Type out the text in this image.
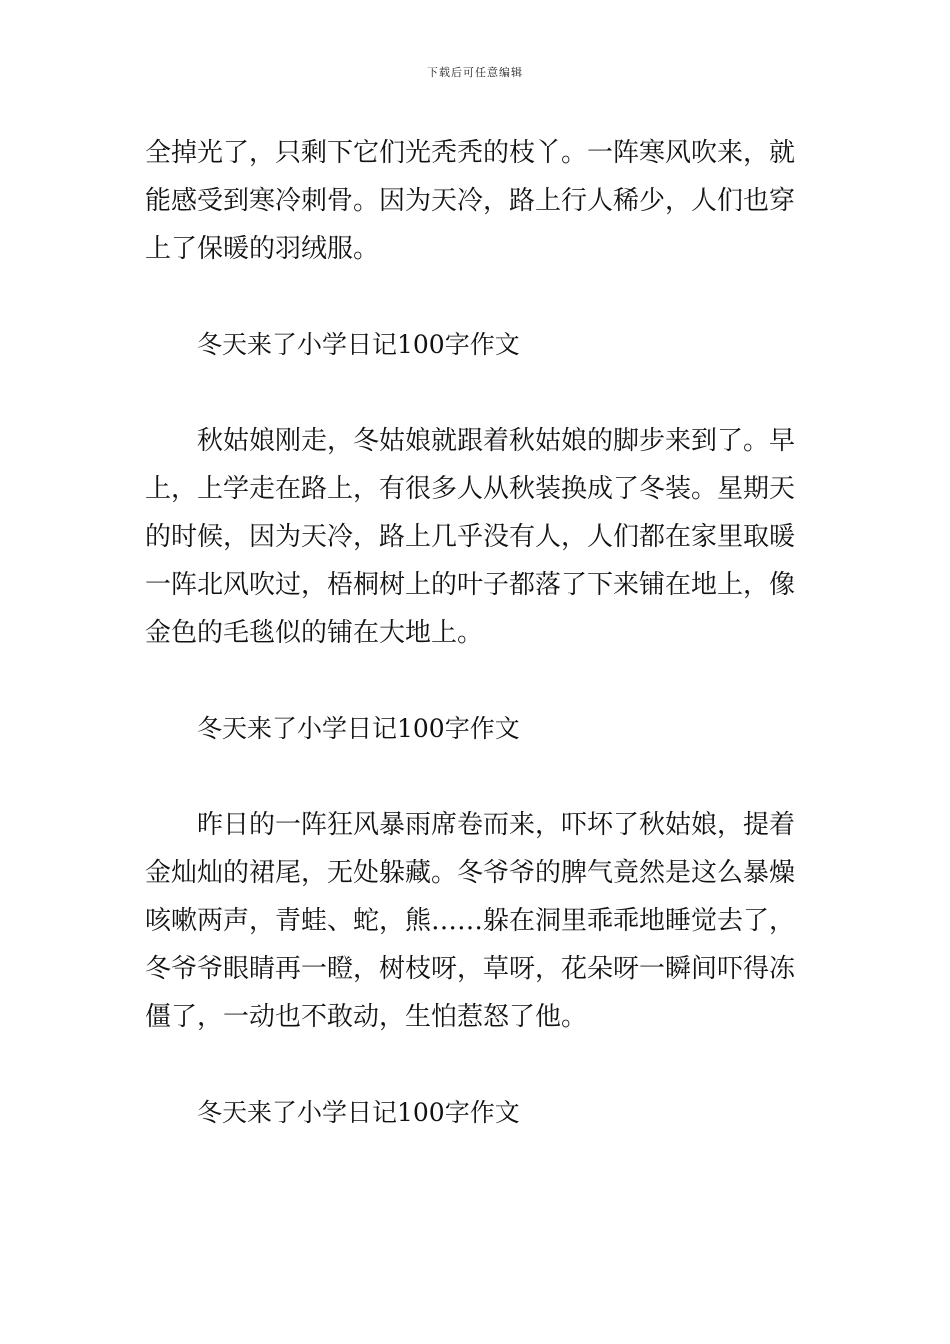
下载后可任意编辑

全掉光了，只剩下它们光秃秃的枝丫。一阵寒风吹来，就能感受到寒冷刺骨。因为天冷，路上行人稀少，人们也穿上了保暖的羽绒服。

冬天来了小学日记100字作文

秋姑娘刚走，冬姑娘就跟着秋姑娘的脚步来到了。早上，上学走在路上，有很多人从秋装换成了冬装。星期天的时候，因为天冷，路上几乎没有人，人们都在家里取暖一阵北风吹过，梧桐树上的叶子都落了下来铺在地上，像金色的毛毯似的铺在大地上。

冬天来了小学日记100字作文

昨日的一阵狂风暴雨席卷而来，吓坏了秋姑娘，提着金灿灿的裙尾，无处躲藏。冬爷爷的脾气竟然是这么暴燥咳嗽两声，青蛙、蛇，熊……躲在洞里乖乖地睡觉去了，冬爷爷眼睛再一瞪，树枝呀，草呀，花朵呀一瞬间吓得冻僵了，一动也不敢动，生怕惹怒了他。

冬天来了小学日记100字作文
